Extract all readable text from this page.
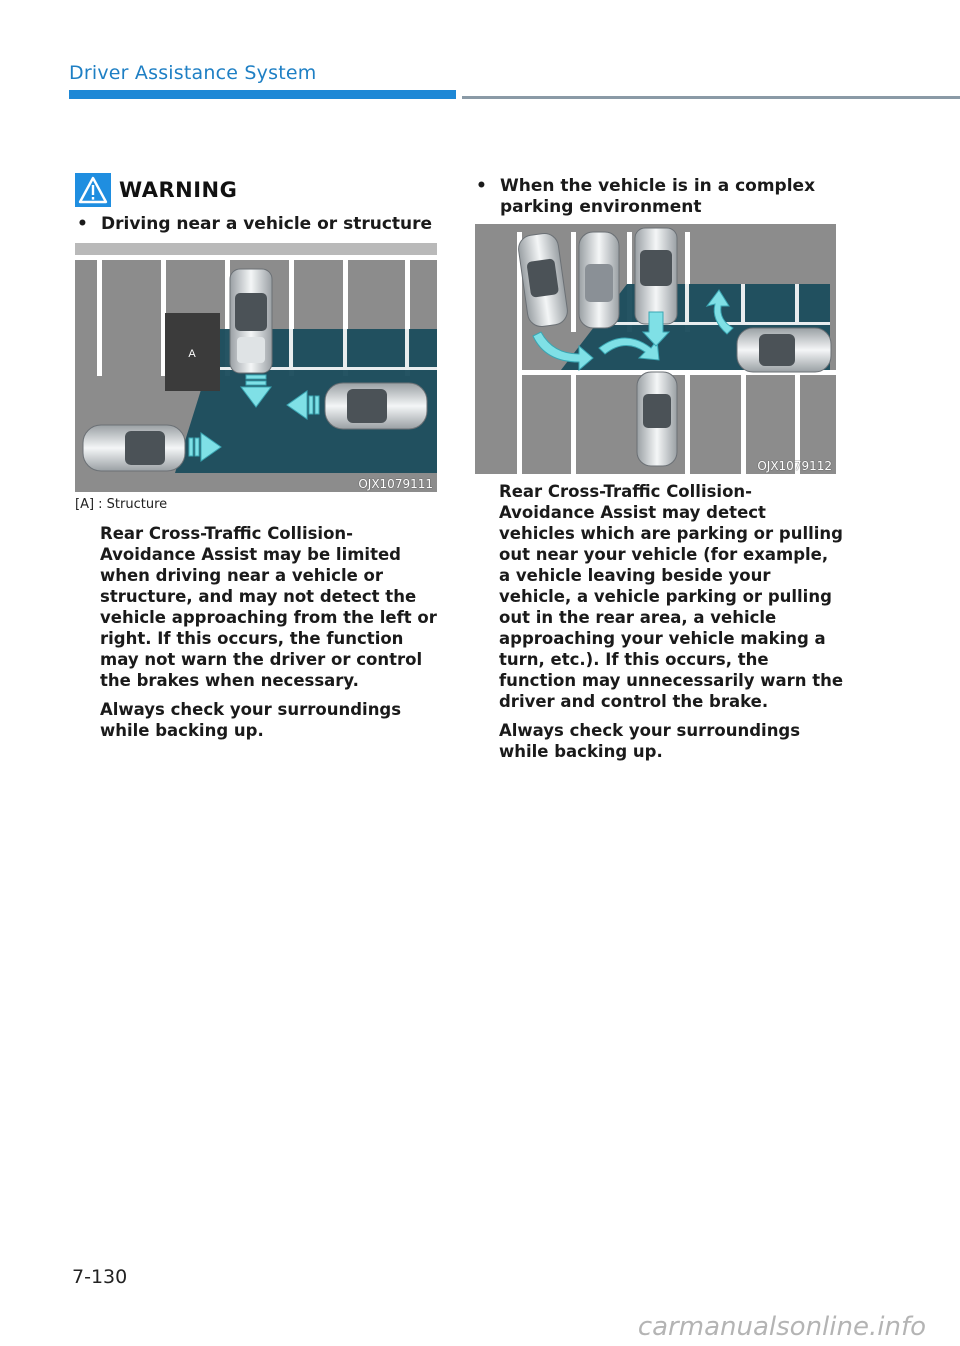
Driver Assistance System
WARNING
• Driving near a vehicle or structure
A
OJX1079111
[A] : Structure

Rear Cross-Traffic Collision-Avoidance Assist may be limited when driving near a vehicle or structure, and may not detect the vehicle approaching from the left or right. If this occurs, the function may not warn the driver or control the brakes when necessary.

Always check your surroundings while backing up.

• When the vehicle is in a complex parking environment
OJX1079112

Rear Cross-Traffic Collision-Avoidance Assist may detect vehicles which are parking or pulling out near your vehicle (for example, a vehicle leaving beside your vehicle, a vehicle parking or pulling out in the rear area, a vehicle approaching your vehicle making a turn, etc.). If this occurs, the function may unnecessarily warn the driver and control the brake.

Always check your surroundings while backing up.

7-130
carmanualsonline.info
